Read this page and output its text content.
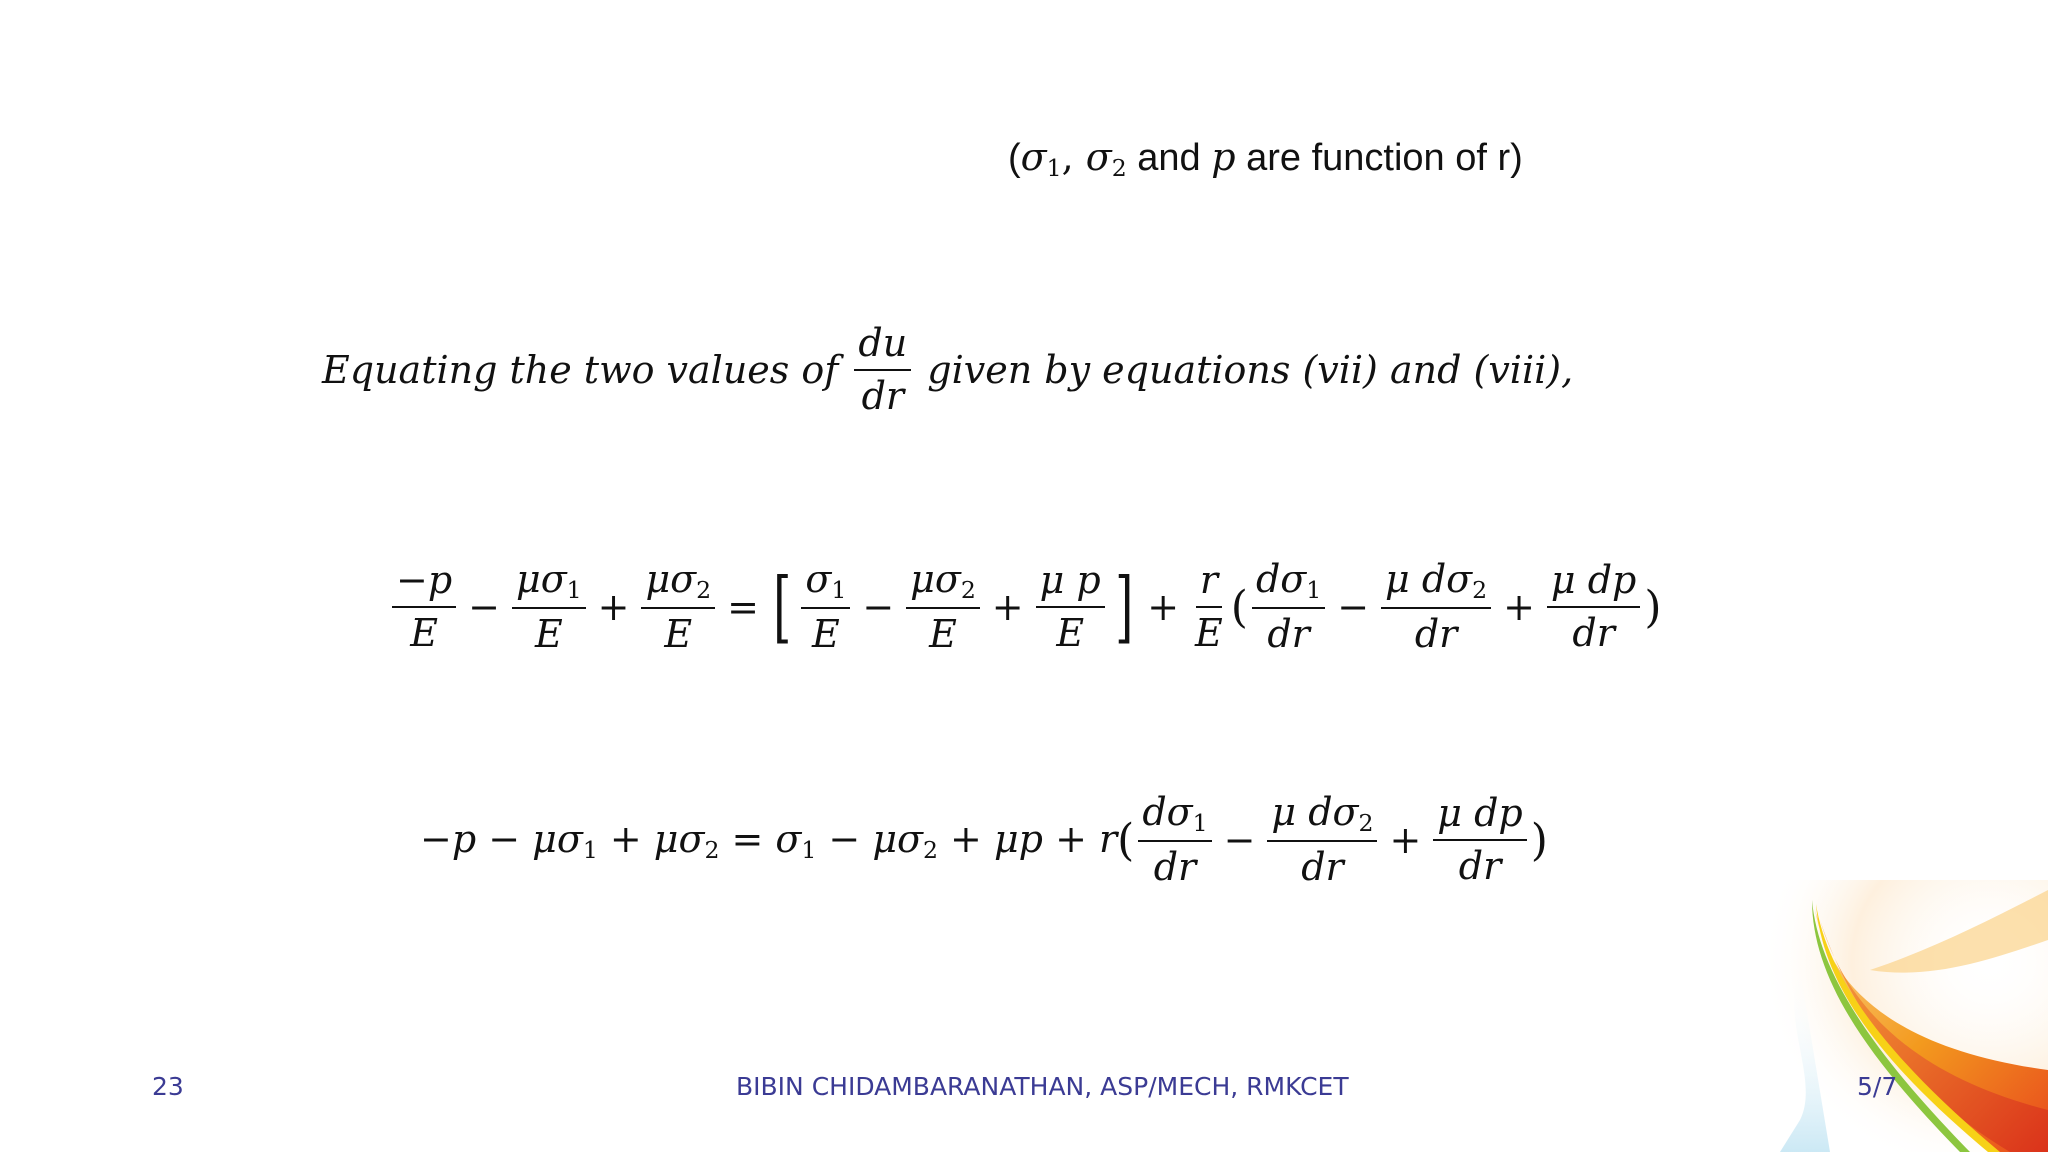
($\sigma_1$, $\sigma_2$ and p are function of r)
Equating the two values of $\frac{du}{dr}$ given by equations (vii) and (viii),
$\frac{-p}{E} - \frac{\mu\sigma_1}{E} + \frac{\mu\sigma_2}{E}$ = [ $\frac{\sigma_1}{E} - \frac{\mu\sigma_2}{E} + \frac{\text{μ p}}{E}$ ] + $\frac{r}{E}$ ( $\frac{d\sigma_1}{dr} - \frac{\mu d\sigma_2}{dr} + \frac{\text{μ dp}}{dr}$ )
$-p - \mu\sigma_1 + \mu\sigma_2 = \sigma_1 - \mu\sigma_2 + \mu p + r$ ( $\frac{d\sigma_1}{dr} - \frac{\mu d\sigma_2}{dr} + \frac{\text{μ dp}}{dr}$ )
23	BIBIN CHIDAMBARANATHAN, ASP/MECH, RMKCET	5/7
